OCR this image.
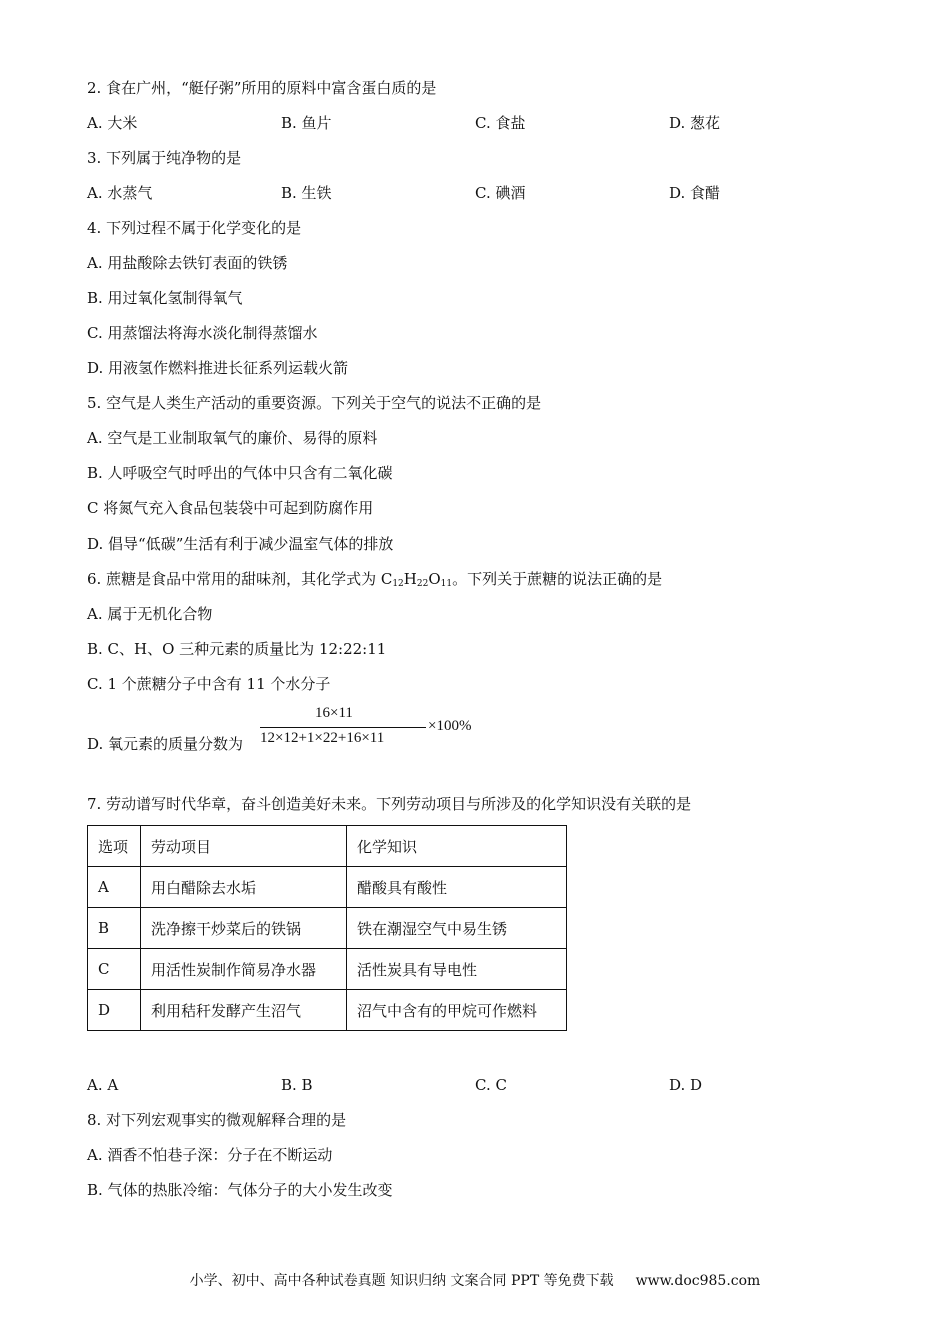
2. 食在广州，“艇仔粥”所用的原料中富含蛋白质的是
A. 大米	B. 鱼片	C. 食盐	D. 葱花
3. 下列属于纯净物的是
A. 水蒸气	B. 生铁	C. 碘酒	D. 食醋
4. 下列过程不属于化学变化的是
A. 用盐酸除去铁钉表面的铁锈
B. 用过氧化氢制得氧气
C. 用蒸馏法将海水淡化制得蒸馏水
D. 用液氢作燃料推进长征系列运载火箭
5. 空气是人类生产活动的重要资源。下列关于空气的说法不正确的是
A. 空气是工业制取氧气的廉价、易得的原料
B. 人呼吸空气时呼出的气体中只含有二氧化碳
C 将氮气充入食品包装袋中可起到防腐作用
D. 倡导“低碳”生活有利于减少温室气体的排放
6. 蔗糖是食品中常用的甜味剂，其化学式为 $C_{12}H_{22}O_{11}$。下列关于蔗糖的说法正确的是
A. 属于无机化合物
B. C、H、O 三种元素的质量比为 12:22:11
C. 1 个蔗糖分子中含有 11 个水分子
D. 氧元素的质量分数为
16×11
12×12+1×22+16×11
×100%
7. 劳动谱写时代华章，奋斗创造美好未来。下列劳动项目与所涉及的化学知识没有关联的是
选项	劳动项目	化学知识
A	用白醋除去水垢	醋酸具有酸性
B	洗净擦干炒菜后的铁锅	铁在潮湿空气中易生锈
C	用活性炭制作简易净水器	活性炭具有导电性
D	利用秸秆发酵产生沼气	沼气中含有的甲烷可作燃料
A. A	B. B	C. C	D. D
8. 对下列宏观事实的微观解释合理的是
A. 酒香不怕巷子深：分子在不断运动
B. 气体的热胀冷缩：气体分子的大小发生改变
小学、初中、高中各种试卷真题 知识归纳 文案合同 PPT 等免费下载 www.doc985.com
